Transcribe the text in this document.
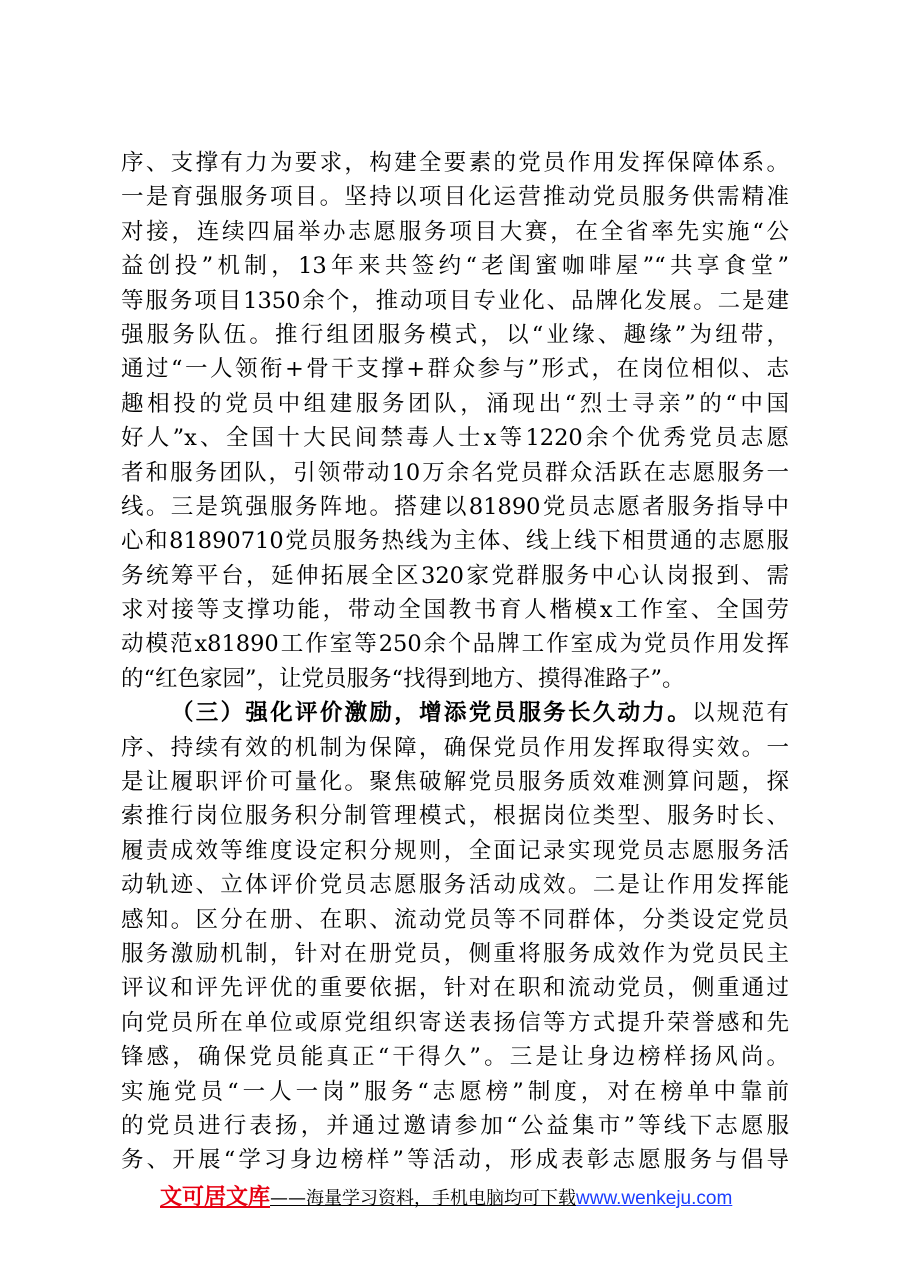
序、支撑有力为要求，构建全要素的党员作用发挥保障体系。
一是育强服务项目。坚持以项目化运营推动党员服务供需精准
对接，连续四届举办志愿服务项目大赛，在全省率先实施“公
益创投”机制，13年来共签约“老闺蜜咖啡屋”“共享食堂”
等服务项目1350余个，推动项目专业化、品牌化发展。二是建
强服务队伍。推行组团服务模式，以“业缘、趣缘”为纽带，
通过“一人领衔+骨干支撑+群众参与”形式，在岗位相似、志
趣相投的党员中组建服务团队，涌现出“烈士寻亲”的“中国
好人”x、全国十大民间禁毒人士x等1220余个优秀党员志愿
者和服务团队，引领带动10万余名党员群众活跃在志愿服务一
线。三是筑强服务阵地。搭建以81890党员志愿者服务指导中
心和81890710党员服务热线为主体、线上线下相贯通的志愿服
务统筹平台，延伸拓展全区320家党群服务中心认岗报到、需
求对接等支撑功能，带动全国教书育人楷模x工作室、全国劳
动模范x81890工作室等250余个品牌工作室成为党员作用发挥
的“红色家园”，让党员服务“找得到地方、摸得准路子”。
（三）强化评价激励，增添党员服务长久动力。以规范有
序、持续有效的机制为保障，确保党员作用发挥取得实效。一
是让履职评价可量化。聚焦破解党员服务质效难测算问题，探
索推行岗位服务积分制管理模式，根据岗位类型、服务时长、
履责成效等维度设定积分规则，全面记录实现党员志愿服务活
动轨迹、立体评价党员志愿服务活动成效。二是让作用发挥能
感知。区分在册、在职、流动党员等不同群体，分类设定党员
服务激励机制，针对在册党员，侧重将服务成效作为党员民主
评议和评先评优的重要依据，针对在职和流动党员，侧重通过
向党员所在单位或原党组织寄送表扬信等方式提升荣誉感和先
锋感，确保党员能真正“干得久”。三是让身边榜样扬风尚。
实施党员“一人一岗”服务“志愿榜”制度，对在榜单中靠前
的党员进行表扬，并通过邀请参加“公益集市”等线下志愿服
务、开展“学习身边榜样”等活动，形成表彰志愿服务与倡导
文可居文库——海量学习资料，手机电脑均可下载www.wenkeju.com
